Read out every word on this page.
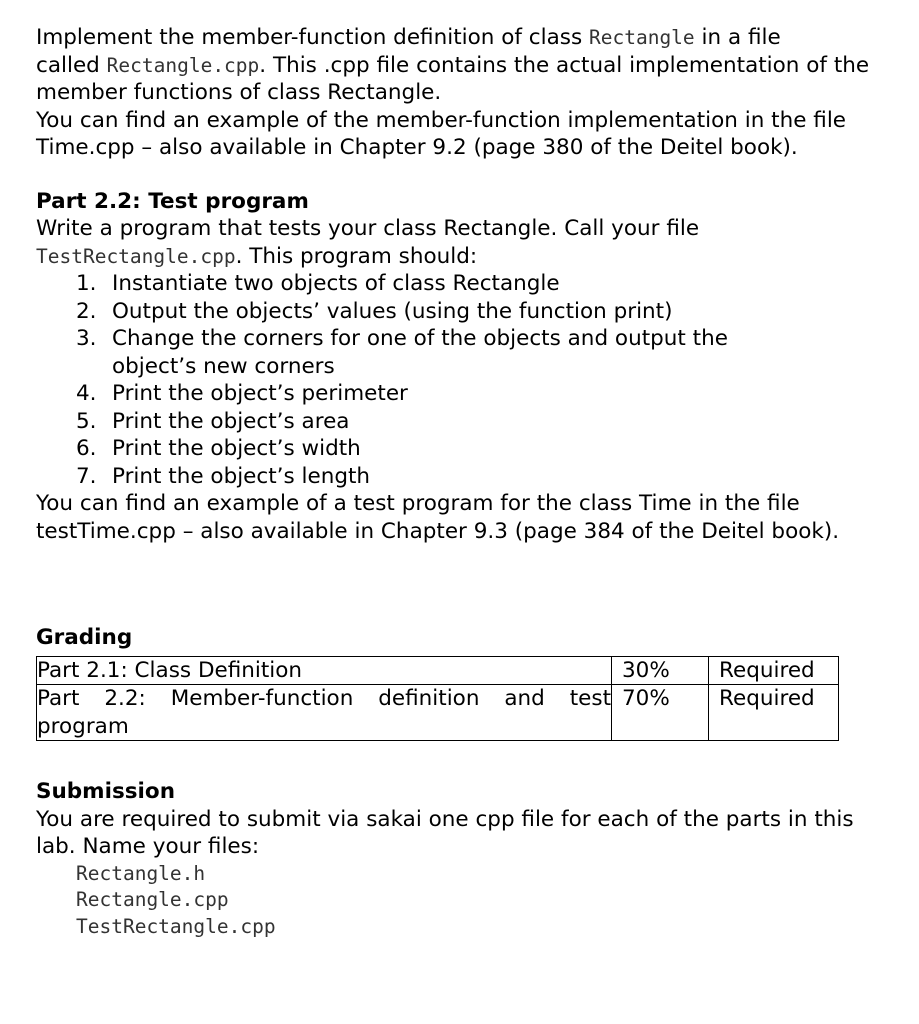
Implement the member-function definition of class Rectangle in a file
called Rectangle.cpp. This .cpp file contains the actual implementation of the member functions of class Rectangle.

You can find an example of the member-function implementation in the file Time.cpp – also available in Chapter 9.2 (page 380 of the Deitel book).

Part 2.2: Test program

Write a program that tests your class Rectangle. Call your file
TestRectangle.cpp. This program should:

1. Instantiate two objects of class Rectangle
2. Output the objects’ values (using the function print)
3. Change the corners for one of the objects and output the object’s new corners
4. Print the object’s perimeter
5. Print the object’s area
6. Print the object’s width
7. Print the object’s length

You can find an example of a test program for the class Time in the file testTime.cpp – also available in Chapter 9.3 (page 384 of the Deitel book).

Grading

Part 2.1: Class Definition	30%	Required
Part 2.2: Member-function definition and test program	70%	Required

Submission

You are required to submit via sakai one cpp file for each of the parts in this lab. Name your files:

Rectangle.h
Rectangle.cpp
TestRectangle.cpp
